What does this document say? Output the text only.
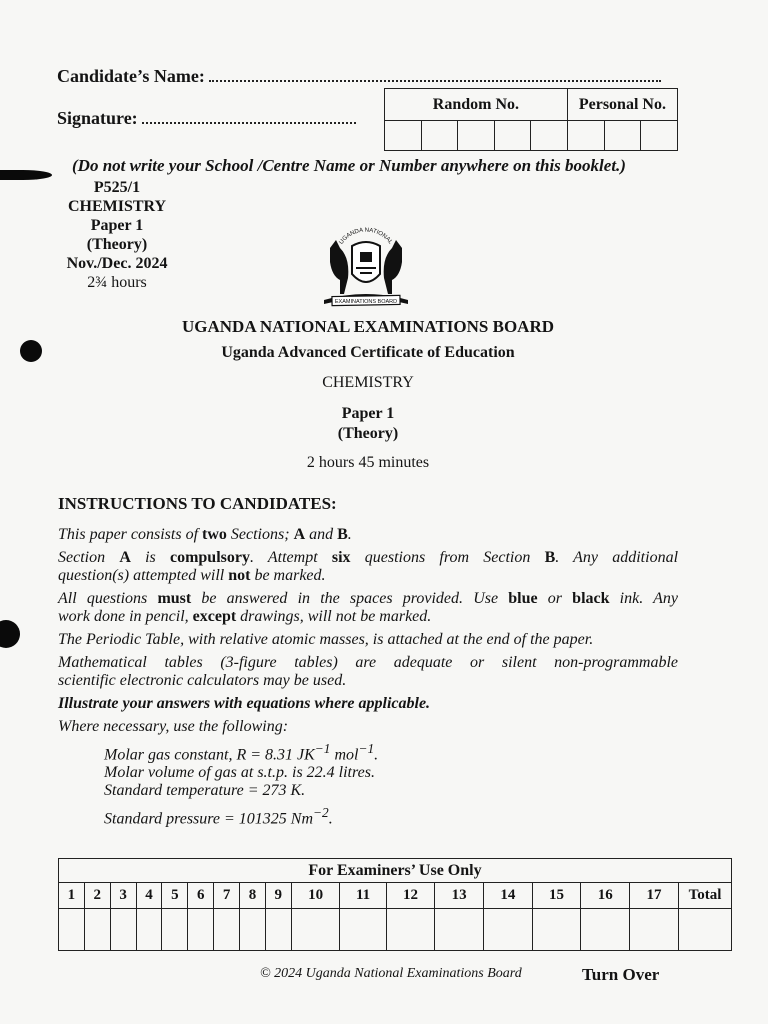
Candidate’s Name:
Signature:
Random No.					Personal No.		

(Do not write your School /Centre Name or Number anywhere on this booklet.)
P525/1
CHEMISTRY
Paper 1
(Theory)
Nov./Dec. 2024
2¾ hours
UGANDA NATIONAL
EXAMINATIONS BOARD
UGANDA NATIONAL EXAMINATIONS BOARD
Uganda Advanced Certificate of Education
CHEMISTRY
Paper 1
(Theory)
2 hours 45 minutes
INSTRUCTIONS TO CANDIDATES:

This paper consists of two Sections; A and B.

Section A is compulsory. Attempt six questions from Section B. Any additional

question(s) attempted will not be marked.

All questions must be answered in the spaces provided. Use blue or black ink. Any

work done in pencil, except drawings, will not be marked.

The Periodic Table, with relative atomic masses, is attached at the end of the paper.

Mathematical tables (3-figure tables) are adequate or silent non-programmable

scientific electronic calculators may be used.

Illustrate your answers with equations where applicable.

Where necessary, use the following:

Molar gas constant, R = 8.31 $JK^{-1}$ mol$^{-1}$.

Molar volume of gas at s.t.p. is 22.4 litres.

Standard temperature = 273 K.

Standard pressure = 101325 $Nm^{-2}$.

For Examiners’ Use Only																	
1	2	3	4	5	6	7	8	9	10	11	12	13	14	15	16	17	Total

© 2024 Uganda National Examinations Board	Turn Over
